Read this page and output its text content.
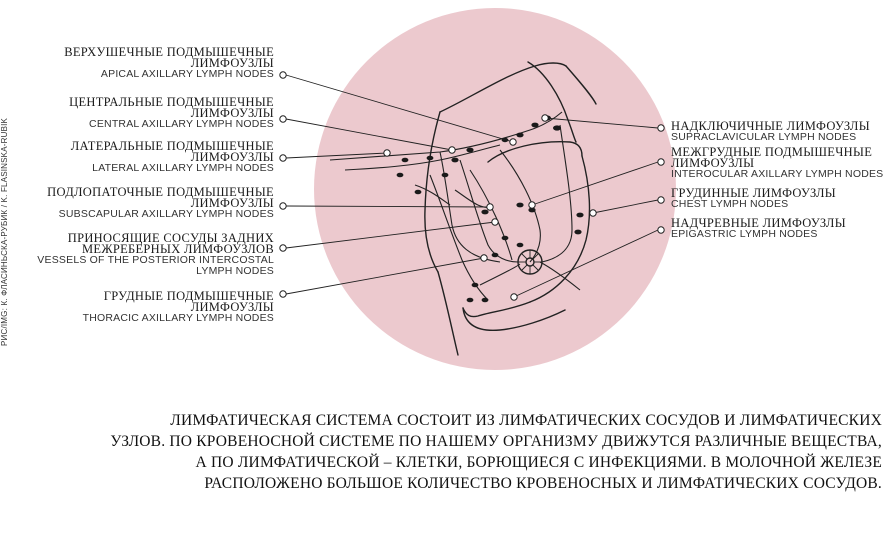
РИС/IMG: К. ФЛАСИНЬСКА-РУБИК / K. FLASINSKA-RUBIK
ВЕРХУШЕЧНЫЕ ПОДМЫШЕЧНЫЕ
ЛИМФОУЗЛЫ
APICAL AXILLARY LYMPH NODES
ЦЕНТРАЛЬНЫЕ ПОДМЫШЕЧНЫЕ
ЛИМФОУЗЛЫ
CENTRAL AXILLARY LYMPH NODES
ЛАТЕРАЛЬНЫЕ ПОДМЫШЕЧНЫЕ
ЛИМФОУЗЛЫ
LATERAL AXILLARY LYMPH NODES
ПОДЛОПАТОЧНЫЕ ПОДМЫШЕЧНЫЕ
ЛИМФОУЗЛЫ
SUBSCAPULAR AXILLARY LYMPH NODES
ПРИНОСЯЩИЕ СОСУДЫ ЗАДНИХ
МЕЖРЕБЕРНЫХ ЛИМФОУЗЛОВ
VESSELS OF THE POSTERIOR INTERCOSTAL
LYMPH NODES
ГРУДНЫЕ ПОДМЫШЕЧНЫЕ
ЛИМФОУЗЛЫ
THORACIC AXILLARY LYMPH NODES
НАДКЛЮЧИЧНЫЕ ЛИМФОУЗЛЫ
SUPRACLAVICULAR LYMPH NODES
МЕЖГРУДНЫЕ ПОДМЫШЕЧНЫЕ
ЛИМФОУЗЛЫ
INTEROCULAR AXILLARY LYMPH NODES
ГРУДИННЫЕ ЛИМФОУЗЛЫ
CHEST LYMPH NODES
НАДЧРЕВНЫЕ ЛИМФОУЗЛЫ
EPIGASTRIC LYMPH NODES
ЛИМФАТИЧЕСКАЯ СИСТЕМА СОСТОИТ ИЗ ЛИМФАТИЧЕСКИХ СОСУДОВ И ЛИМФАТИЧЕСКИХ
УЗЛОВ. ПО КРОВЕНОСНОЙ СИСТЕМЕ ПО НАШЕМУ ОРГАНИЗМУ ДВИЖУТСЯ РАЗЛИЧНЫЕ ВЕЩЕСТВА,
А ПО ЛИМФАТИЧЕСКОЙ – КЛЕТКИ, БОРЮЩИЕСЯ С ИНФЕКЦИЯМИ. В МОЛОЧНОЙ ЖЕЛЕЗЕ
РАСПОЛОЖЕНО БОЛЬШОЕ КОЛИЧЕСТВО КРОВЕНОСНЫХ И ЛИМФАТИЧЕСКИХ СОСУДОВ.
